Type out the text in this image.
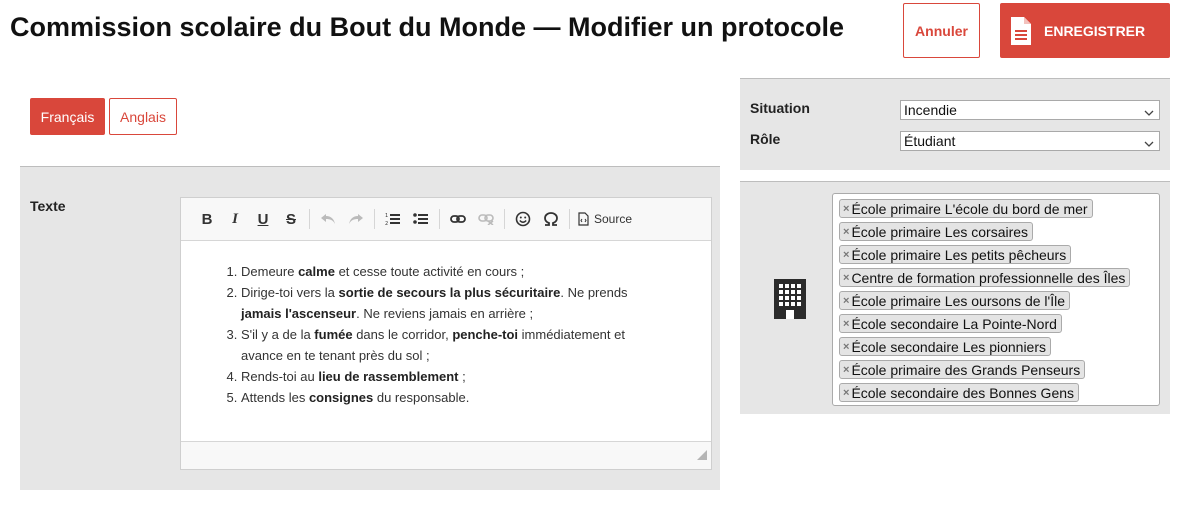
Commission scolaire du Bout du Monde — Modifier un protocole	Annuler	ENREGISTRER
Français	Anglais
Texte
B	I	U	S	1
2	Source
1. Demeure calme et cesse toute activité en cours ;
2. Dirige-toi vers la sortie de secours la plus sécuritaire. Ne prends jamais l'ascenseur. Ne reviens jamais en arrière ;
3. S'il y a de la fumée dans le corridor, penche-toi immédiatement et avance en te tenant près du sol ;
4. Rends-toi au lieu de rassemblement ;
5. Attends les consignes du responsable.
Situation	Incendie
Rôle	Étudiant
× École primaire L'école du bord de mer
× École primaire Les corsaires
× École primaire Les petits pêcheurs
× Centre de formation professionnelle des Îles
× École primaire Les oursons de l'Île
× École secondaire La Pointe-Nord
× École secondaire Les pionniers
× École primaire des Grands Penseurs
× École secondaire des Bonnes Gens
